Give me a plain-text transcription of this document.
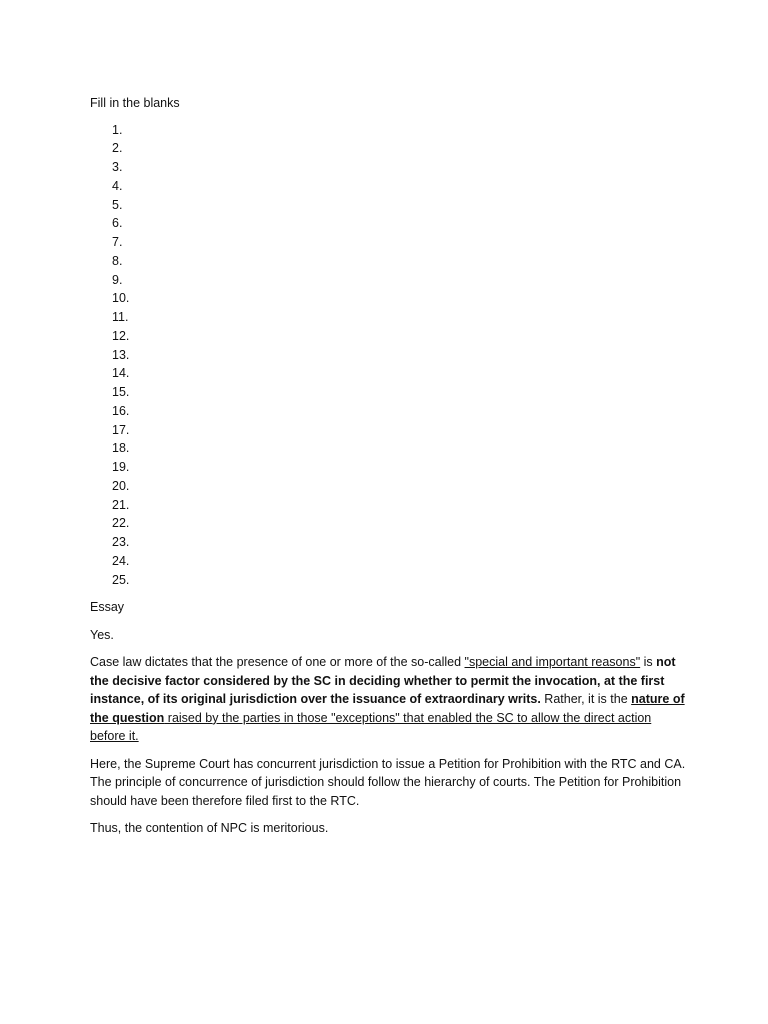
Fill in the blanks

1.
2.
3.
4.
5.
6.
7.
8.
9.
10.
11.
12.
13.
14.
15.
16.
17.
18.
19.
20.
21.
22.
23.
24.
25.

Essay

Yes.

Case law dictates that the presence of one or more of the so-called "special and important reasons" is not the decisive factor considered by the SC in deciding whether to permit the invocation, at the first instance, of its original jurisdiction over the issuance of extraordinary writs. Rather, it is the nature of the question raised by the parties in those "exceptions" that enabled the SC to allow the direct action before it.

Here, the Supreme Court has concurrent jurisdiction to issue a Petition for Prohibition with the RTC and CA. The principle of concurrence of jurisdiction should follow the hierarchy of courts. The Petition for Prohibition should have been therefore filed first to the RTC.

Thus, the contention of NPC is meritorious.
